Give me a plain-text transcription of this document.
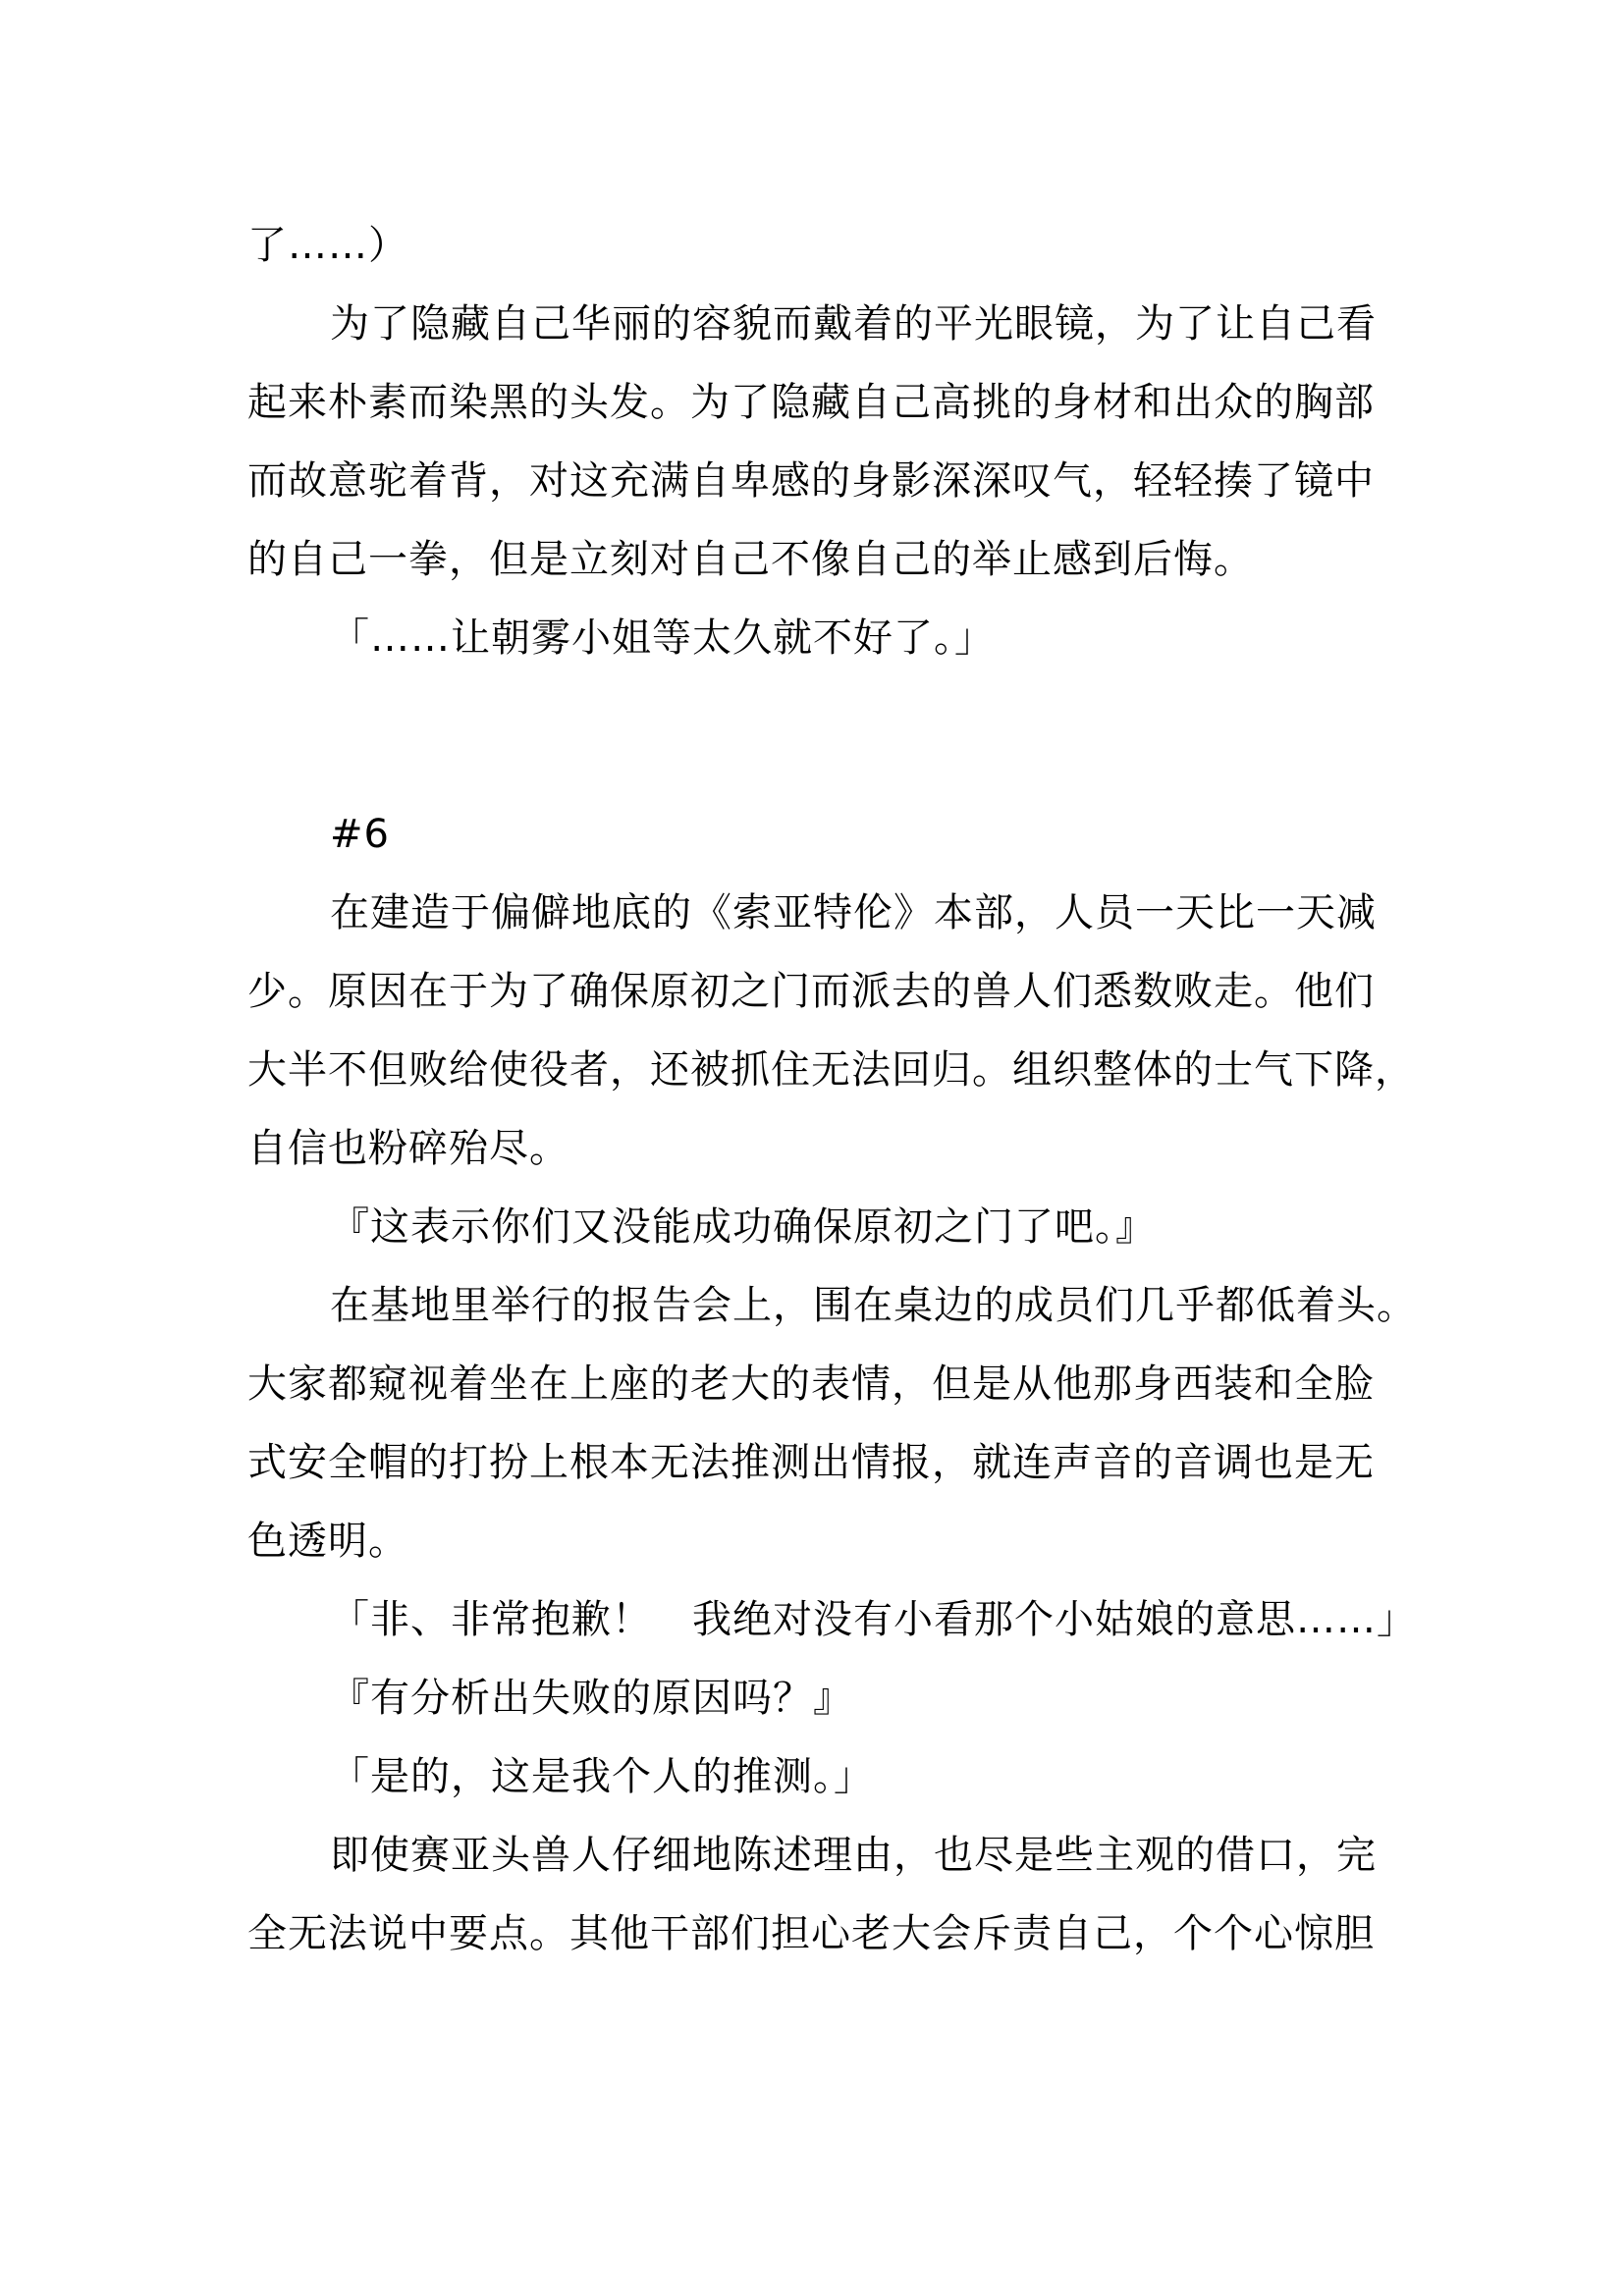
了……）
为了隐藏自己华丽的容貌而戴着的平光眼镜，为了让自己看
起来朴素而染黑的头发。为了隐藏自己高挑的身材和出众的胸部
而故意驼着背，对这充满自卑感的身影深深叹气，轻轻揍了镜中
的自己一拳，但是立刻对自己不像自己的举止感到后悔。
「……让朝雾小姐等太久就不好了。」
#6
在建造于偏僻地底的《索亚特伦》本部，人员一天比一天减
少。原因在于为了确保原初之门而派去的兽人们悉数败走。他们
大半不但败给使役者，还被抓住无法回归。组织整体的士气下降，
自信也粉碎殆尽。
『这表示你们又没能成功确保原初之门了吧。』
在基地里举行的报告会上，围在桌边的成员们几乎都低着头。
大家都窥视着坐在上座的老大的表情，但是从他那身西装和全脸
式安全帽的打扮上根本无法推测出情报，就连声音的音调也是无
色透明。
「非、非常抱歉！　我绝对没有小看那个小姑娘的意思……」
『有分析出失败的原因吗？』
「是的，这是我个人的推测。」
即使赛亚头兽人仔细地陈述理由，也尽是些主观的借口，完
全无法说中要点。其他干部们担心老大会斥责自己，个个心惊胆
